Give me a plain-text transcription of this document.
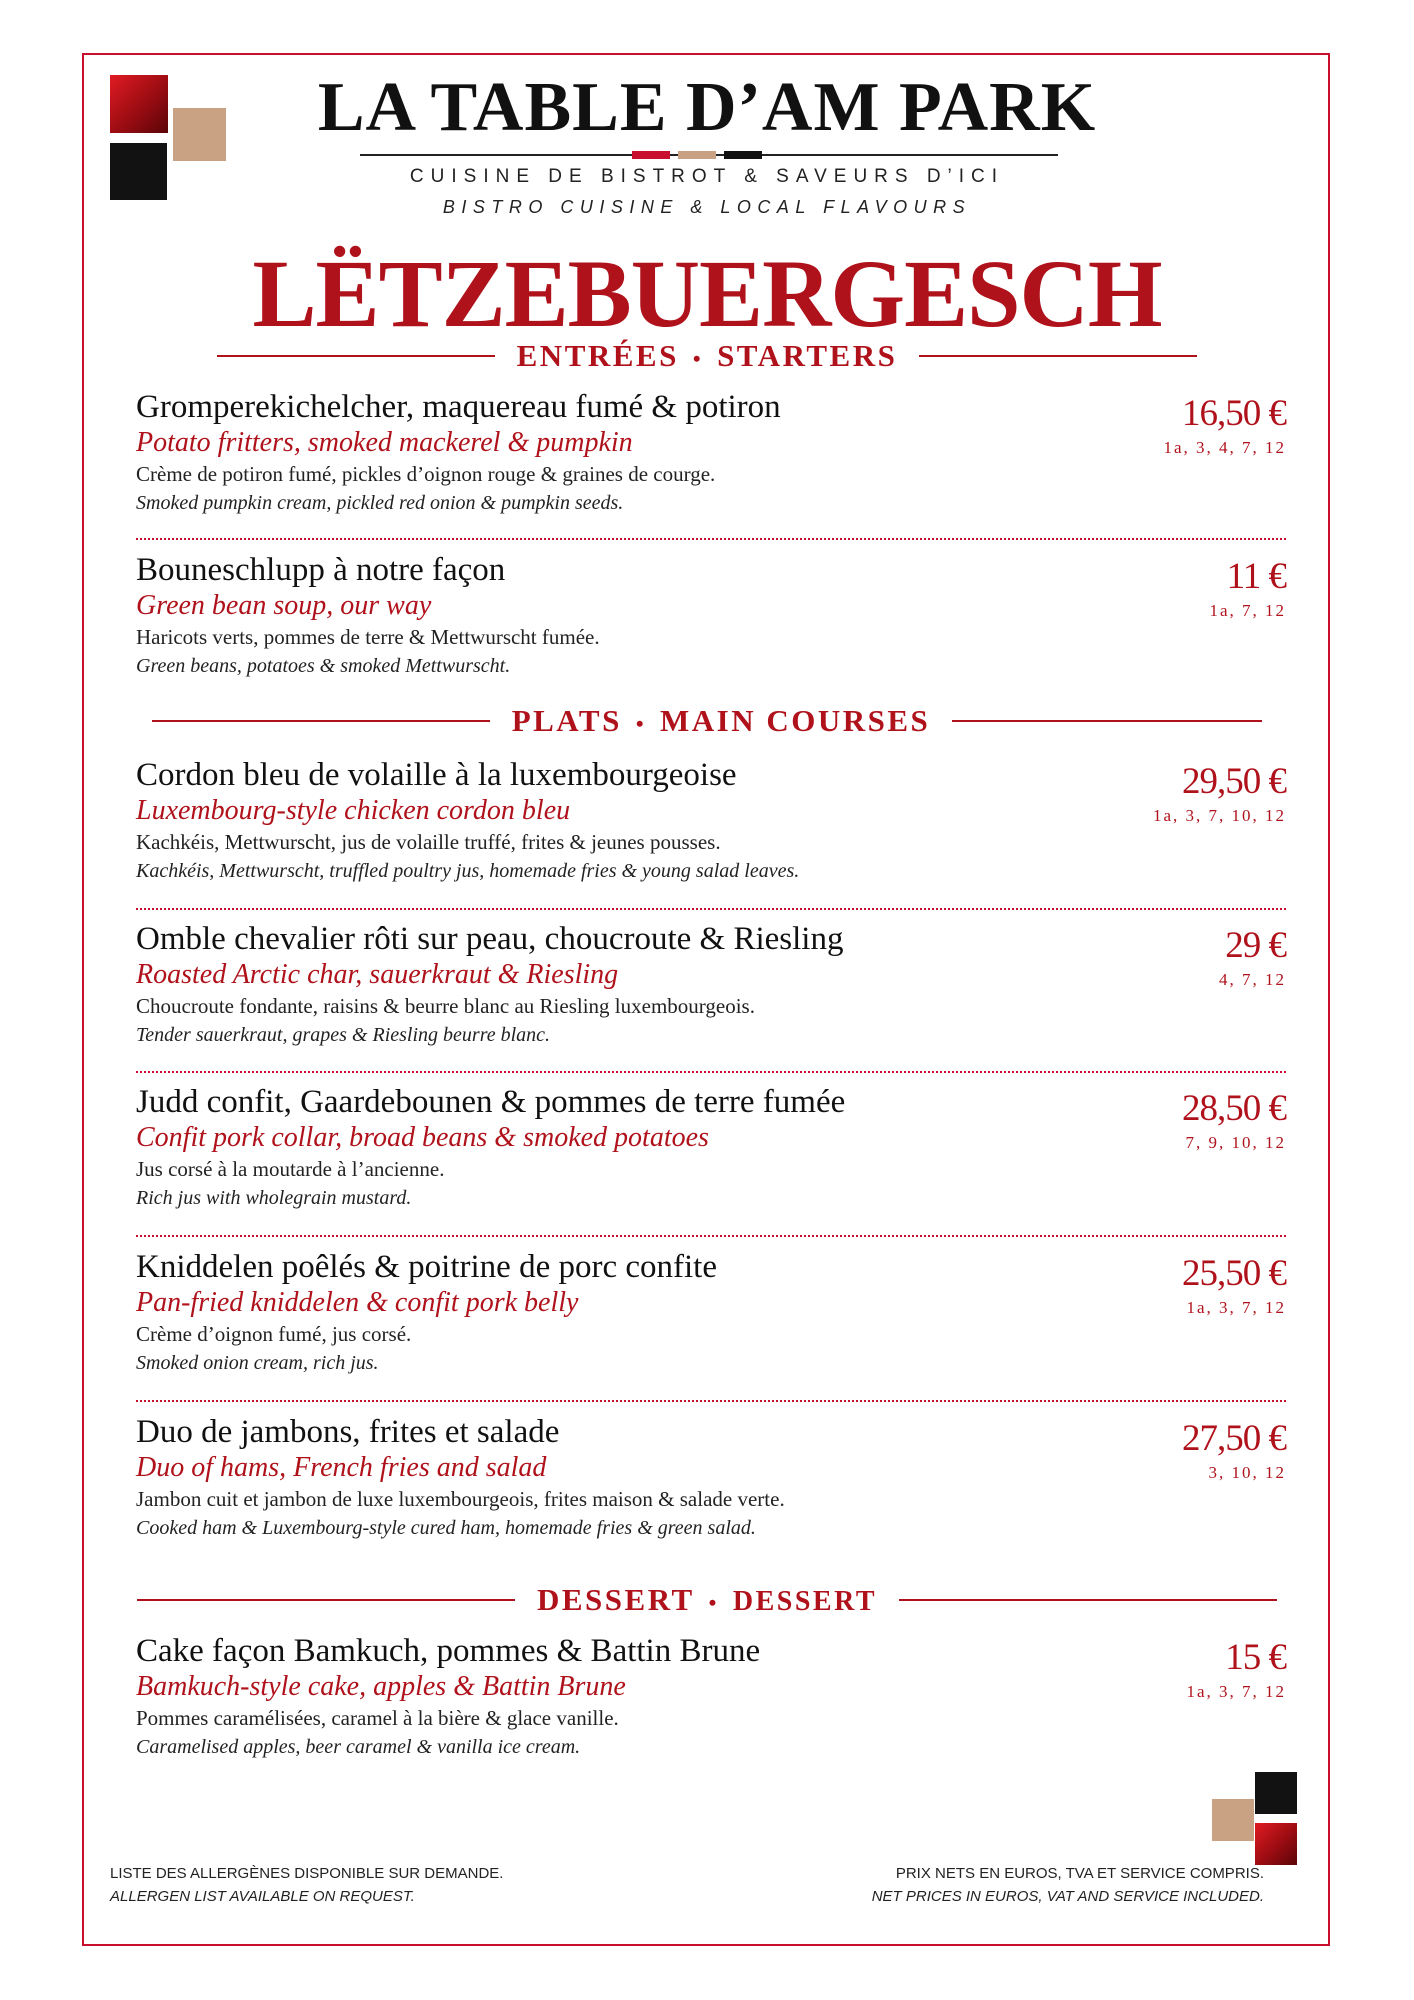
LA TABLE D’AM PARK
CUISINE DE BISTROT & SAVEURS D’ICI
BISTRO CUISINE & LOCAL FLAVOURS
LËTZEBUERGESCH
ENTRÉES • STARTERS
Gromperekichelcher, maquereau fumé & potiron
Potato fritters, smoked mackerel & pumpkin
Crème de potiron fumé, pickles d’oignon rouge & graines de courge.
Smoked pumpkin cream, pickled red onion & pumpkin seeds.
16,50 €
1a, 3, 4, 7, 12
Bouneschlupp à notre façon
Green bean soup, our way
Haricots verts, pommes de terre & Mettwurscht fumée.
Green beans, potatoes & smoked Mettwurscht.
11 €
1a, 7, 12
PLATS • MAIN COURSES
Cordon bleu de volaille à la luxembourgeoise
Luxembourg-style chicken cordon bleu
Kachkéis, Mettwurscht, jus de volaille truffé, frites & jeunes pousses.
Kachkéis, Mettwurscht, truffled poultry jus, homemade fries & young salad leaves.
29,50 €
1a, 3, 7, 10, 12
Omble chevalier rôti sur peau, choucroute & Riesling
Roasted Arctic char, sauerkraut & Riesling
Choucroute fondante, raisins & beurre blanc au Riesling luxembourgeois.
Tender sauerkraut, grapes & Riesling beurre blanc.
29 €
4, 7, 12
Judd confit, Gaardebounen & pommes de terre fumée
Confit pork collar, broad beans & smoked potatoes
Jus corsé à la moutarde à l’ancienne.
Rich jus with wholegrain mustard.
28,50 €
7, 9, 10, 12
Kniddelen poêlés & poitrine de porc confite
Pan-fried kniddelen & confit pork belly
Crème d’oignon fumé, jus corsé.
Smoked onion cream, rich jus.
25,50 €
1a, 3, 7, 12
Duo de jambons, frites et salade
Duo of hams, French fries and salad
Jambon cuit et jambon de luxe luxembourgeois, frites maison & salade verte.
Cooked ham & Luxembourg-style cured ham, homemade fries & green salad.
27,50 €
3, 10, 12
DESSERT • DESSERT
Cake façon Bamkuch, pommes & Battin Brune
Bamkuch-style cake, apples & Battin Brune
Pommes caramélisées, caramel à la bière & glace vanille.
Caramelised apples, beer caramel & vanilla ice cream.
15 €
1a, 3, 7, 12
LISTE DES ALLERGÈNES DISPONIBLE SUR DEMANDE.
ALLERGEN LIST AVAILABLE ON REQUEST.
PRIX NETS EN EUROS, TVA ET SERVICE COMPRIS.
NET PRICES IN EUROS, VAT AND SERVICE INCLUDED.
